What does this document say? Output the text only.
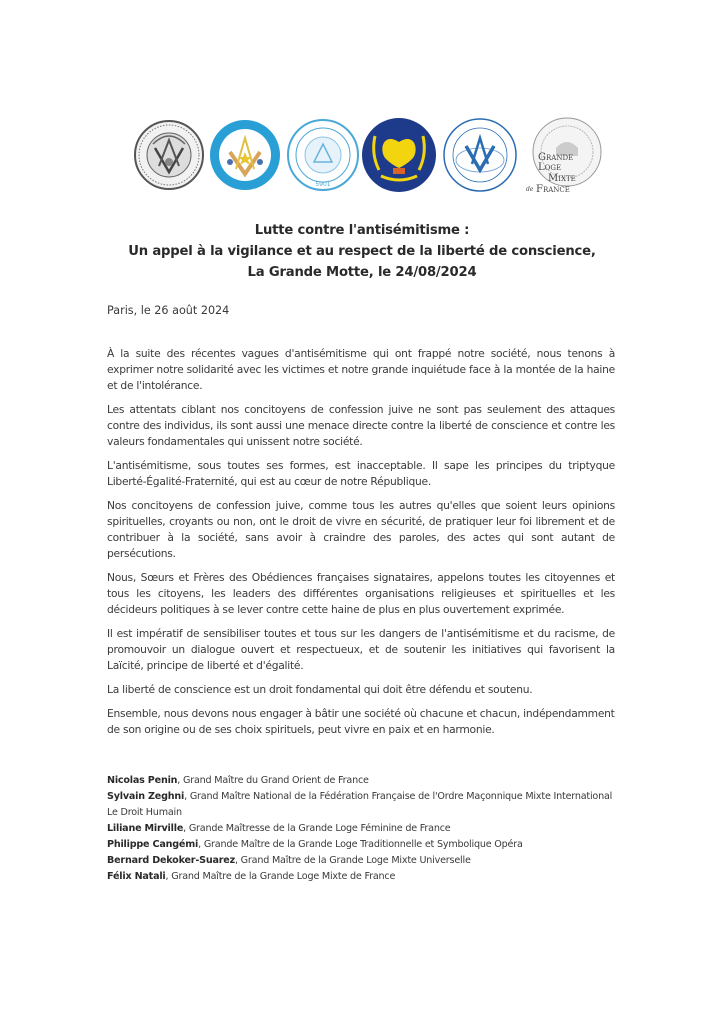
5901
GRANDE
LOGE
MIXTE
de FRANCE
Lutte contre l'antisémitisme :
Un appel à la vigilance et au respect de la liberté de conscience,
La Grande Motte, le 24/08/2024
Paris, le 26 août 2024

À la suite des récentes vagues d'antisémitisme qui ont frappé notre société, nous tenons à exprimer notre solidarité avec les victimes et notre grande inquiétude face à la montée de la haine et de l'intolérance.

Les attentats ciblant nos concitoyens de confession juive ne sont pas seulement des attaques contre des individus, ils sont aussi une menace directe contre la liberté de conscience et contre les valeurs fondamentales qui unissent notre société.

L'antisémitisme, sous toutes ses formes, est inacceptable. Il sape les principes du triptyque Liberté-Égalité-Fraternité, qui est au cœur de notre République.

Nos concitoyens de confession juive, comme tous les autres qu'elles que soient leurs opinions spirituelles, croyants ou non, ont le droit de vivre en sécurité, de pratiquer leur foi librement et de contribuer à la société, sans avoir à craindre des paroles, des actes qui sont autant de persécutions.

Nous, Sœurs et Frères des Obédiences françaises signataires, appelons toutes les citoyennes et tous les citoyens, les leaders des différentes organisations religieuses et spirituelles et les décideurs politiques à se lever contre cette haine de plus en plus ouvertement exprimée.

Il est impératif de sensibiliser toutes et tous sur les dangers de l'antisémitisme et du racisme, de promouvoir un dialogue ouvert et respectueux, et de soutenir les initiatives qui favorisent la Laïcité, principe de liberté et d'égalité.

La liberté de conscience est un droit fondamental qui doit être défendu et soutenu.

Ensemble, nous devons nous engager à bâtir une société où chacune et chacun, indépendamment de son origine ou de ses choix spirituels, peut vivre en paix et en harmonie.

Nicolas Penin, Grand Maître du Grand Orient de France

Sylvain Zeghni, Grand Maître National de la Fédération Française de l'Ordre Maçonnique Mixte International Le Droit Humain

Liliane Mirville, Grande Maîtresse de la Grande Loge Féminine de France

Philippe Cangémi, Grande Maître de la Grande Loge Traditionnelle et Symbolique Opéra

Bernard Dekoker-Suarez, Grand Maître de la Grande Loge Mixte Universelle

Félix Natali, Grand Maître de la Grande Loge Mixte de France
